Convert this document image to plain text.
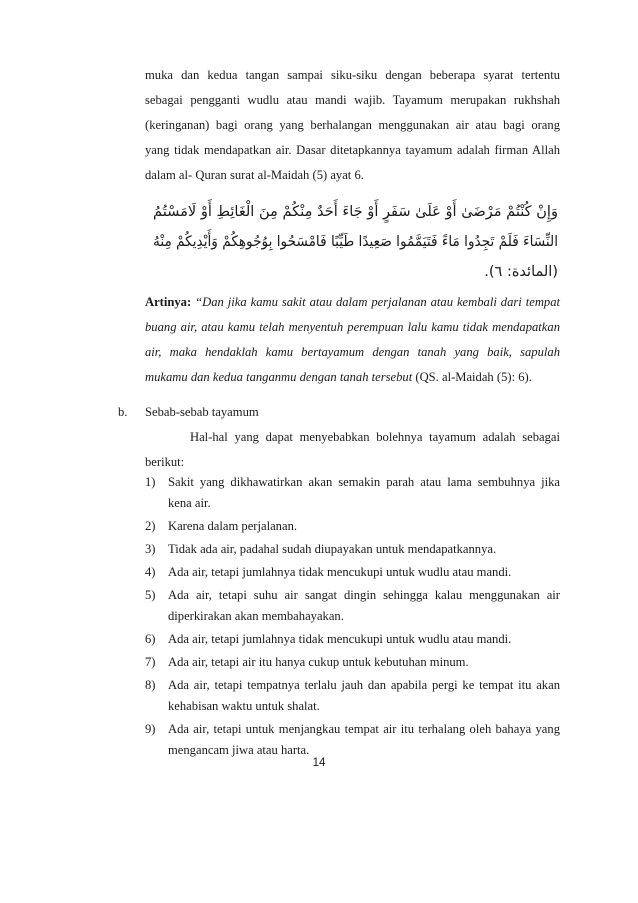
muka dan kedua tangan sampai siku-siku dengan beberapa syarat tertentu
sebagai pengganti wudlu atau mandi wajib. Tayamum merupakan rukhshah
(keringanan) bagi orang yang berhalangan menggunakan air atau bagi orang
yang tidak mendapatkan air. Dasar ditetapkannya tayamum adalah firman Allah
dalam al- Quran surat al-Maidah (5) ayat 6.
وَإِنْ كُنْتُمْ مَرْضَىٰ أَوْ عَلَىٰ سَفَرٍ أَوْ جَاءَ أَحَدٌ مِنْكُمْ مِنَ الْغَائِطِ أَوْ لَامَسْتُمُ
النِّسَاءَ فَلَمْ تَجِدُوا مَاءً فَتَيَمَّمُوا صَعِيدًا طَيِّبًا فَامْسَحُوا بِوُجُوهِكُمْ وَأَيْدِيكُمْ مِنْهُ
(المائدة: ٦).
Artinya: “Dan jika kamu sakit atau dalam perjalanan atau kembali dari tempat
buang air, atau kamu telah menyentuh perempuan lalu kamu tidak mendapatkan
air, maka hendaklah kamu bertayamum dengan tanah yang baik, sapulah
mukamu dan kedua tanganmu dengan tanah tersebut (QS. al-Maidah (5): 6).
b. Sebab-sebab tayamum
Hal-hal yang dapat menyebabkan bolehnya tayamum adalah sebagai
berikut:
1) Sakit yang dikhawatirkan akan semakin parah atau lama sembuhnya jika kena air.
2) Karena dalam perjalanan.
3) Tidak ada air, padahal sudah diupayakan untuk mendapatkannya.
4) Ada air, tetapi jumlahnya tidak mencukupi untuk wudlu atau mandi.
5) Ada air, tetapi suhu air sangat dingin sehingga kalau menggunakan air diperkirakan akan membahayakan.
6) Ada air, tetapi jumlahnya tidak mencukupi untuk wudlu atau mandi.
7) Ada air, tetapi air itu hanya cukup untuk kebutuhan minum.
8) Ada air, tetapi tempatnya terlalu jauh dan apabila pergi ke tempat itu akan kehabisan waktu untuk shalat.
9) Ada air, tetapi untuk menjangkau tempat air itu terhalang oleh bahaya yang mengancam jiwa atau harta.
14
